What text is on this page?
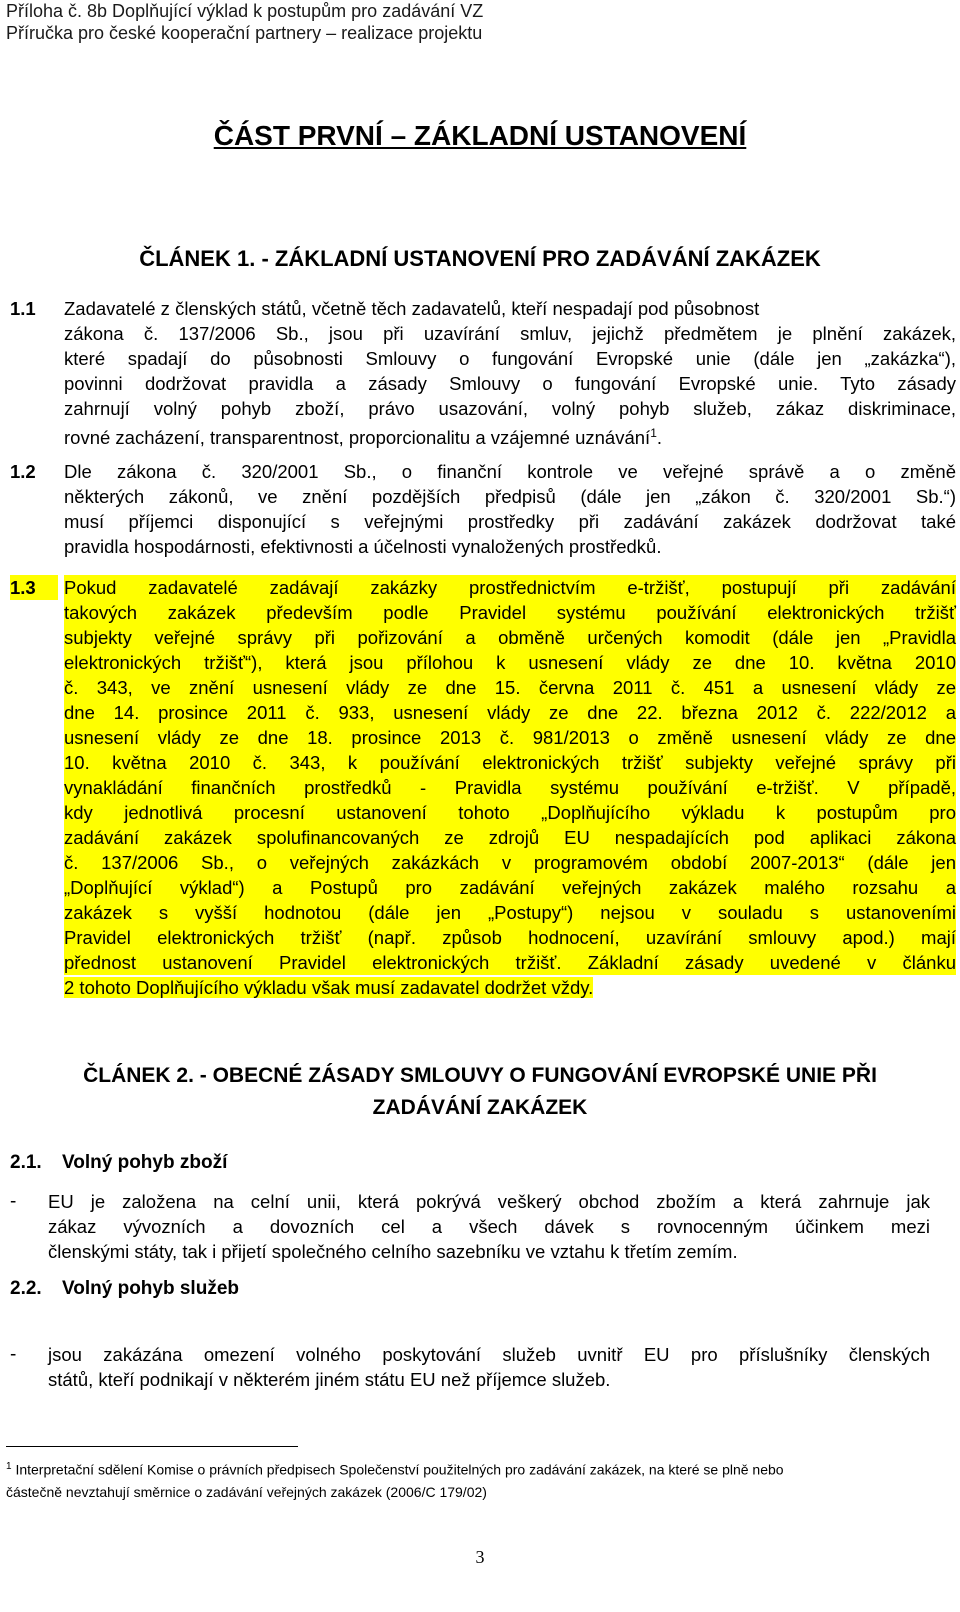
Příloha č. 8b Doplňující výklad k postupům pro zadávání VZ
Příručka pro české kooperační partnery – realizace projektu
ČÁST PRVNÍ – ZÁKLADNÍ USTANOVENÍ
ČLÁNEK 1. - ZÁKLADNÍ USTANOVENÍ PRO ZADÁVÁNÍ ZAKÁZEK
1.1 Zadavatelé z členských států, včetně těch zadavatelů, kteří nespadají pod působnost
zákona č. 137/2006 Sb., jsou při uzavírání smluv, jejichž předmětem je plnění zakázek,
které spadají do působnosti Smlouvy o fungování Evropské unie (dále jen „zakázka“),
povinni dodržovat pravidla a zásady Smlouvy o fungování Evropské unie. Tyto zásady
zahrnují volný pohyb zboží, právo usazování, volný pohyb služeb, zákaz diskriminace,
rovné zacházení, transparentnost, proporcionalitu a vzájemné uznávání$^1$.
1.2 Dle zákona č. 320/2001 Sb., o finanční kontrole ve veřejné správě a o změně
některých zákonů, ve znění pozdějších předpisů (dále jen „zákon č. 320/2001 Sb.“)
musí příjemci disponující s veřejnými prostředky při zadávání zakázek dodržovat také
pravidla hospodárnosti, efektivnosti a účelnosti vynaložených prostředků.
1.3	Pokud zadavatelé zadávají zakázky prostřednictvím e-tržišť, postupují při zadávání
takových zakázek především podle Pravidel systému používání elektronických tržišť
subjekty veřejné správy při pořizování a obměně určených komodit (dále jen „Pravidla
elektronických tržišť“), která jsou přílohou k usnesení vlády ze dne 10. května 2010
č. 343, ve znění usnesení vlády ze dne 15. června 2011 č. 451 a usnesení vlády ze
dne 14. prosince 2011 č. 933, usnesení vlády ze dne 22. března 2012 č. 222/2012 a
usnesení vlády ze dne 18. prosince 2013 č. 981/2013 o změně usnesení vlády ze dne
10. května 2010 č. 343, k používání elektronických tržišť subjekty veřejné správy při
vynakládání finančních prostředků - Pravidla systému používání e-tržišť. V případě,
kdy jednotlivá procesní ustanovení tohoto „Doplňujícího výkladu k postupům pro
zadávání zakázek spolufinancovaných ze zdrojů EU nespadajících pod aplikaci zákona
č. 137/2006 Sb., o veřejných zakázkách v programovém období 2007-2013“ (dále jen
„Doplňující výklad“) a Postupů pro zadávání veřejných zakázek malého rozsahu a
zakázek s vyšší hodnotou (dále jen „Postupy“) nejsou v souladu s ustanoveními
Pravidel elektronických tržišť (např. způsob hodnocení, uzavírání smlouvy apod.) mají
přednost ustanovení Pravidel elektronických tržišť. Základní zásady uvedené v článku
2 tohoto Doplňujícího výkladu však musí zadavatel dodržet vždy.
ČLÁNEK 2. - OBECNÉ ZÁSADY SMLOUVY O FUNGOVÁNÍ EVROPSKÉ UNIE PŘI
ZADÁVÁNÍ ZAKÁZEK
2.1. Volný pohyb zboží
- EU je založena na celní unii, která pokrývá veškerý obchod zbožím a která zahrnuje jak
zákaz vývozních a dovozních cel a všech dávek s rovnocenným účinkem mezi
členskými státy, tak i přijetí společného celního sazebníku ve vztahu k třetím zemím.
2.2. Volný pohyb služeb
- jsou zakázána omezení volného poskytování služeb uvnitř EU pro příslušníky členských
států, kteří podnikají v některém jiném státu EU než příjemce služeb.
$^1$ Interpretační sdělení Komise o právních předpisech Společenství použitelných pro zadávání zakázek, na které se plně nebo
částečně nevztahují směrnice o zadávání veřejných zakázek (2006/C 179/02)
3
